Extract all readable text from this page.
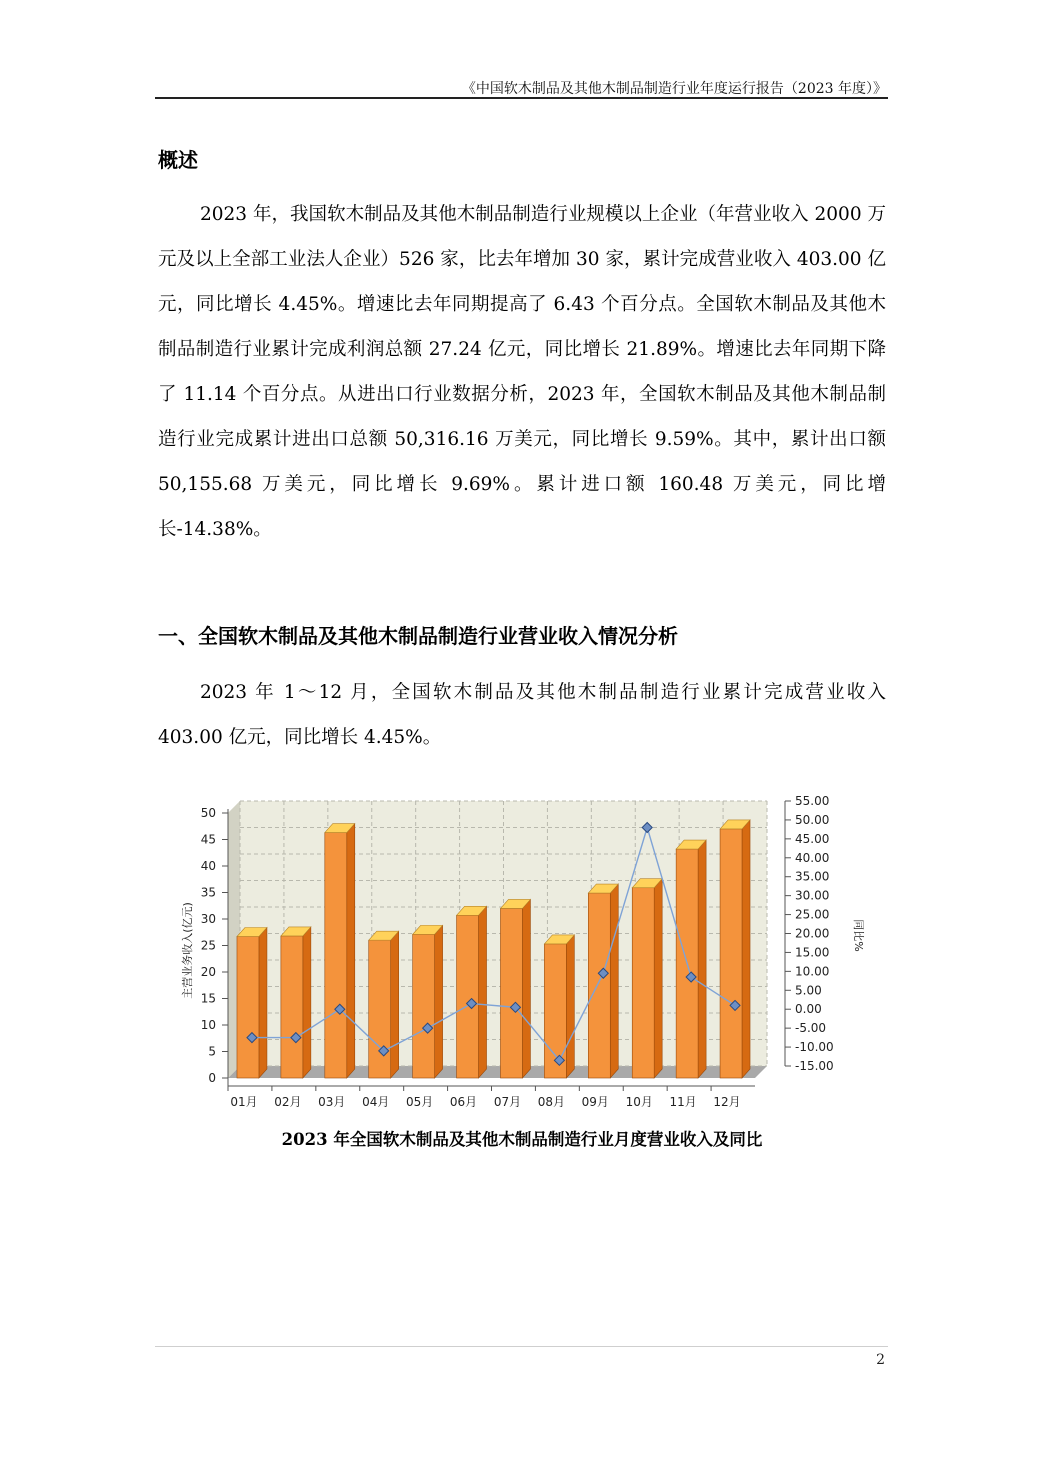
《中国软木制品及其他木制品制造行业年度运行报告（2023 年度）》
概述

2023 年，我国软木制品及其他木制品制造行业规模以上企业（年营业收入 2000 万元及以上全部工业法人企业）526 家，比去年增加 30 家，累计完成营业收入 403.00 亿元，同比增长 4.45%。增速比去年同期提高了 6.43 个百分点。全国软木制品及其他木制品制造行业累计完成利润总额 27.24 亿元，同比增长 21.89%。增速比去年同期下降了 11.14 个百分点。从进出口行业数据分析，2023 年，全国软木制品及其他木制品制造行业完成累计进出口总额 50,316.16 万美元，同比增长 9.59%。其中，累计出口额 50,155.68 万美元，同比增长 9.69%。累计进口额 160.48 万美元，同比增长-14.38%。

一、全国软木制品及其他木制品制造行业营业收入情况分析

2023 年 1～12 月，全国软木制品及其他木制品制造行业累计完成营业收入 403.00 亿元，同比增长 4.45%。

0
5
10
15
20
25
30
35
40
45
50
-15.00
-10.00
-5.00
0.00
5.00
10.00
15.00
20.00
25.00
30.00
35.00
40.00
45.00
50.00
55.00
01月 02月 03月 04月 05月 06月 07月 08月 09月 10月 11月 12月
主营业务收入(亿元)	同比%
2023 年全国软木制品及其他木制品制造行业月度营业收入及同比
2
